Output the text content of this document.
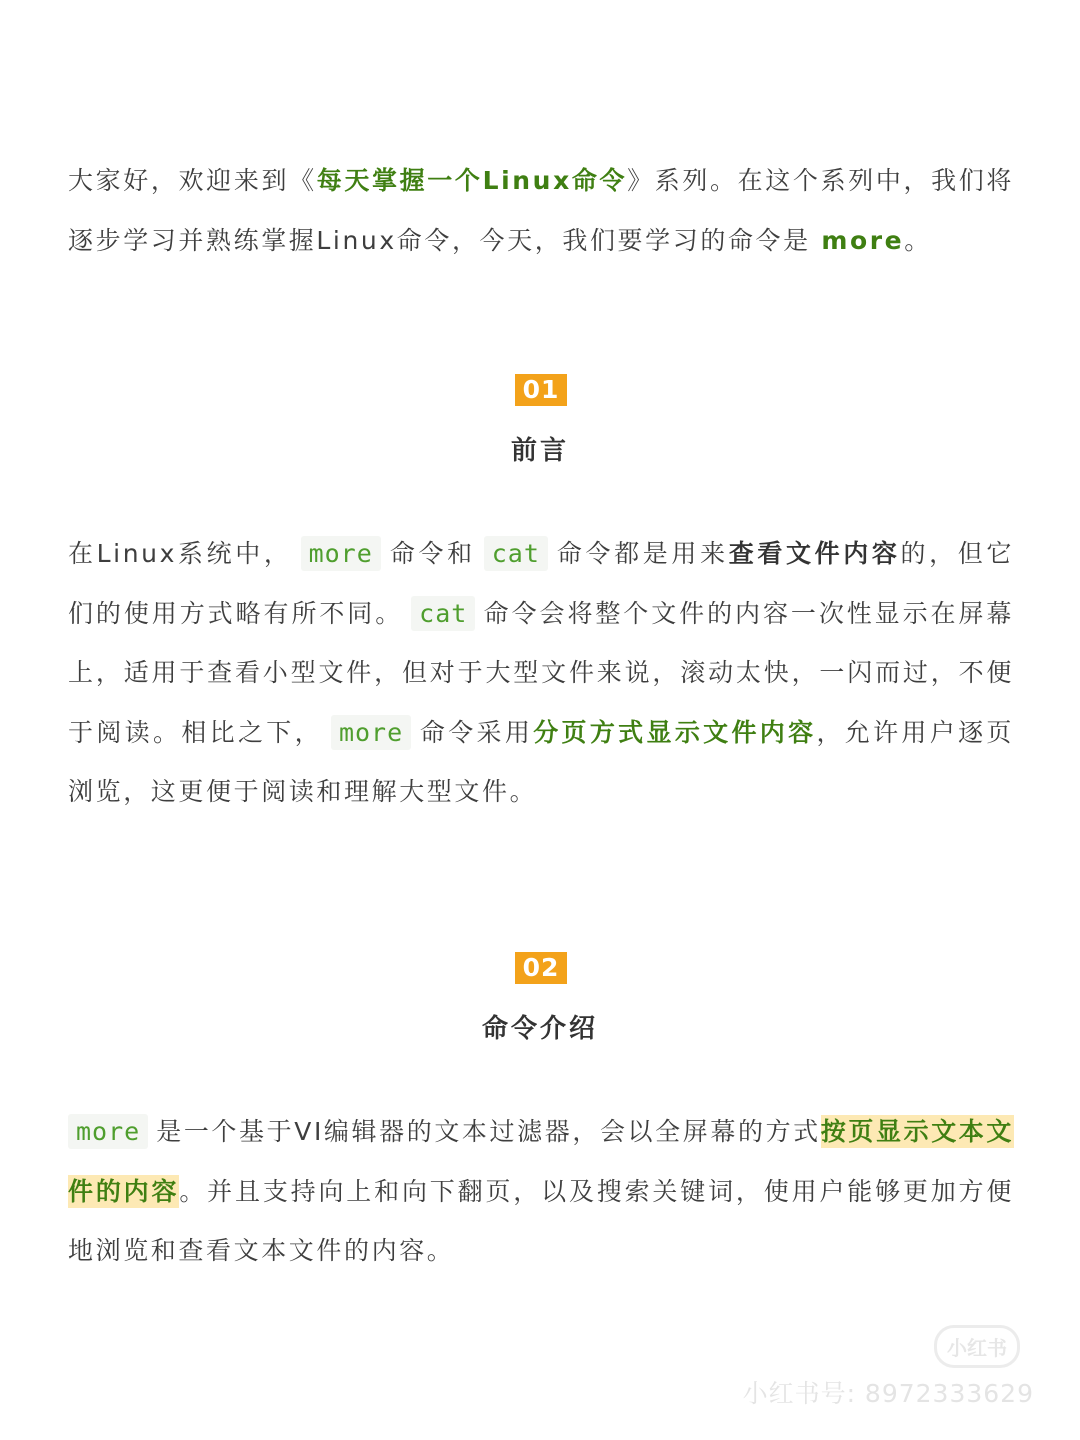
大家好，欢迎来到《每天掌握一个Linux命令》系列。在这个系列中，我们将逐步学习并熟练掌握Linux命令，今天，我们要学习的命令是 more。

01
前言

在Linux系统中， more 命令和 cat 命令都是用来查看文件内容的，但它们的使用方式略有所不同。 cat 命令会将整个文件的内容一次性显示在屏幕上，适用于查看小型文件，但对于大型文件来说，滚动太快，一闪而过，不便于阅读。相比之下， more 命令采用分页方式显示文件内容，允许用户逐页浏览，这更便于阅读和理解大型文件。

02
命令介绍

more 是一个基于VI编辑器的文本过滤器，会以全屏幕的方式按页显示文本文件的内容。并且支持向上和向下翻页，以及搜索关键词，使用户能够更加方便地浏览和查看文本文件的内容。

小红书
小红书号: 8972333629
